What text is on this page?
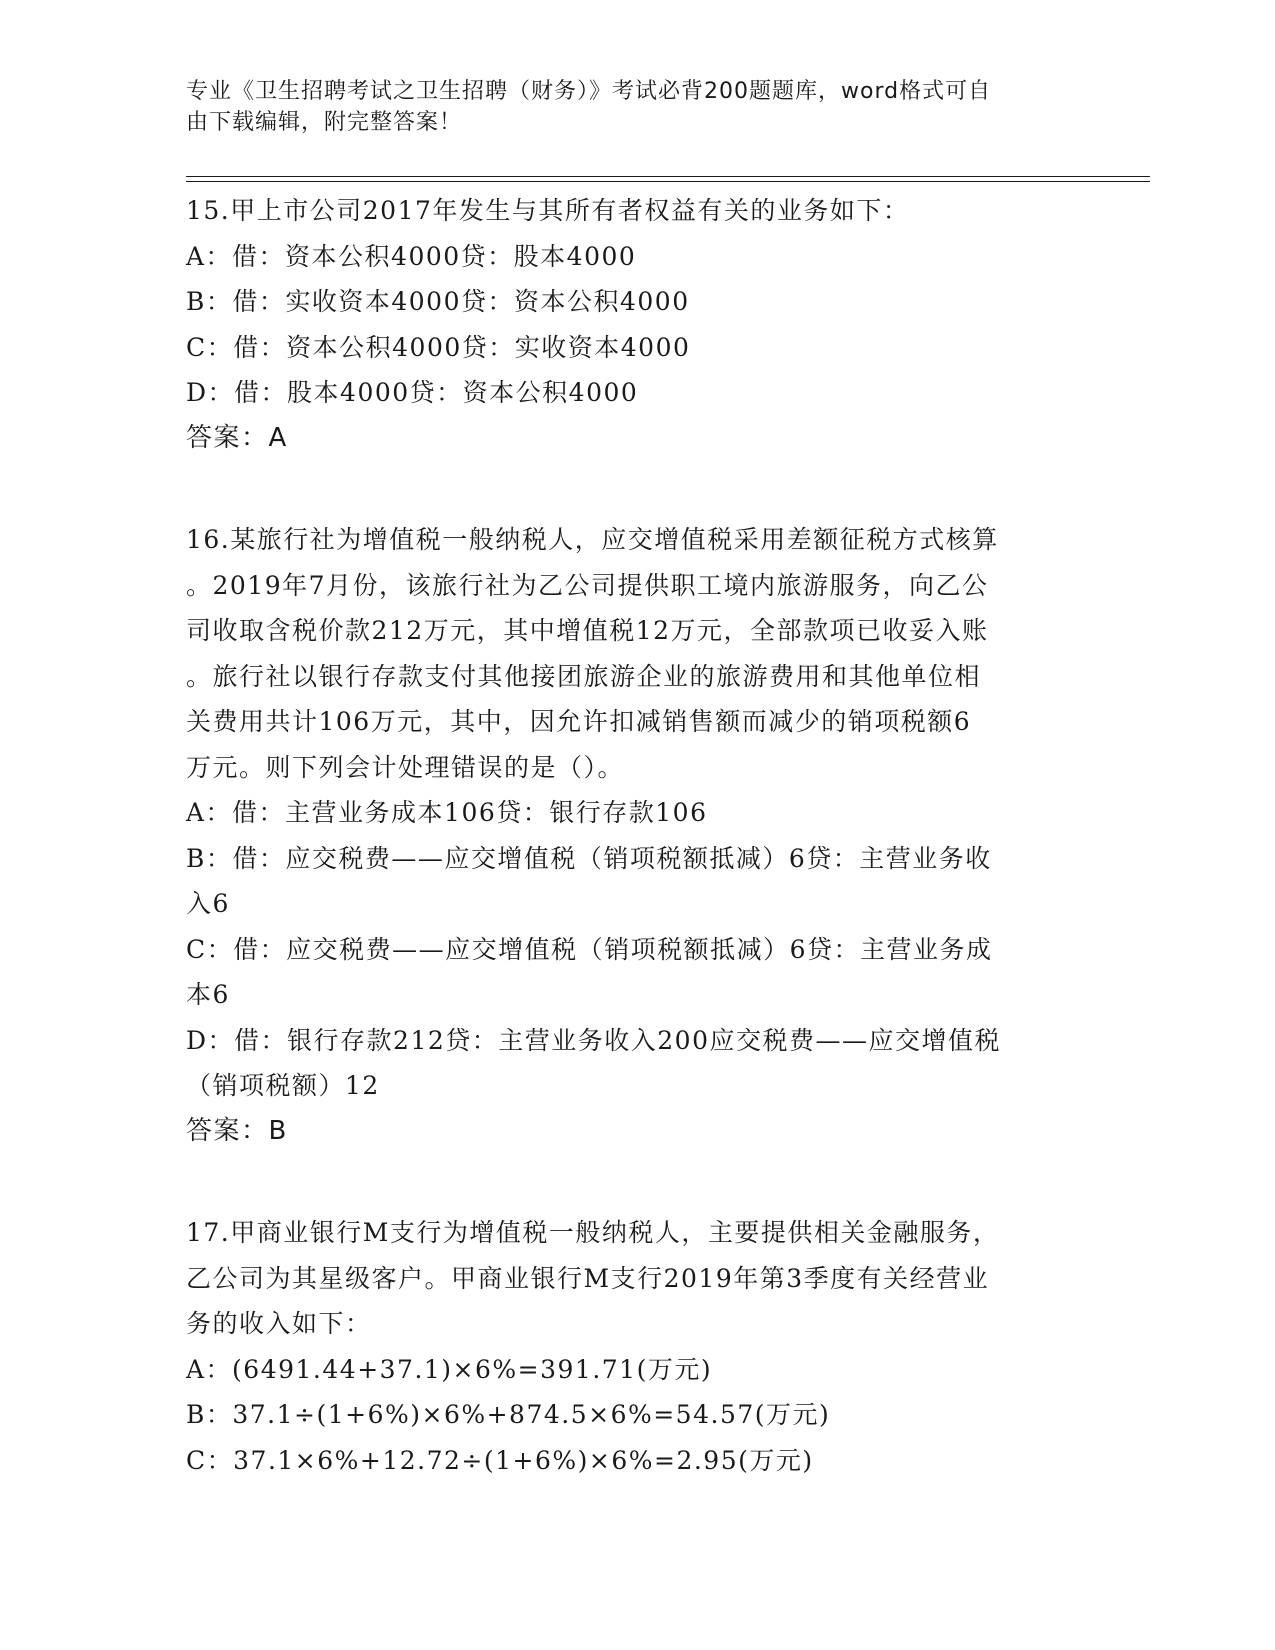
专业《卫生招聘考试之卫生招聘（财务）》考试必背200题题库，word格式可自
由下载编辑，附完整答案！
15.甲上市公司2017年发生与其所有者权益有关的业务如下：
A：借：资本公积4000贷：股本4000
B：借：实收资本4000贷：资本公积4000
C：借：资本公积4000贷：实收资本4000
D：借：股本4000贷：资本公积4000
答案：A
16.某旅行社为增值税一般纳税人，应交增值税采用差额征税方式核算
。2019年7月份，该旅行社为乙公司提供职工境内旅游服务，向乙公
司收取含税价款212万元，其中增值税12万元，全部款项已收妥入账
。旅行社以银行存款支付其他接团旅游企业的旅游费用和其他单位相
关费用共计106万元，其中，因允许扣减销售额而减少的销项税额6
万元。则下列会计处理错误的是（）。
A：借：主营业务成本106贷：银行存款106
B：借：应交税费——应交增值税（销项税额抵减）6贷：主营业务收
入6
C：借：应交税费——应交增值税（销项税额抵减）6贷：主营业务成
本6
D：借：银行存款212贷：主营业务收入200应交税费——应交增值税
（销项税额）12
答案：B
17.甲商业银行M支行为增值税一般纳税人，主要提供相关金融服务，
乙公司为其星级客户。甲商业银行M支行2019年第3季度有关经营业
务的收入如下：
A：(6491.44+37.1)×6%=391.71(万元)
B：37.1÷(1+6%)×6%+874.5×6%=54.57(万元)
C：37.1×6%+12.72÷(1+6%)×6%=2.95(万元)
